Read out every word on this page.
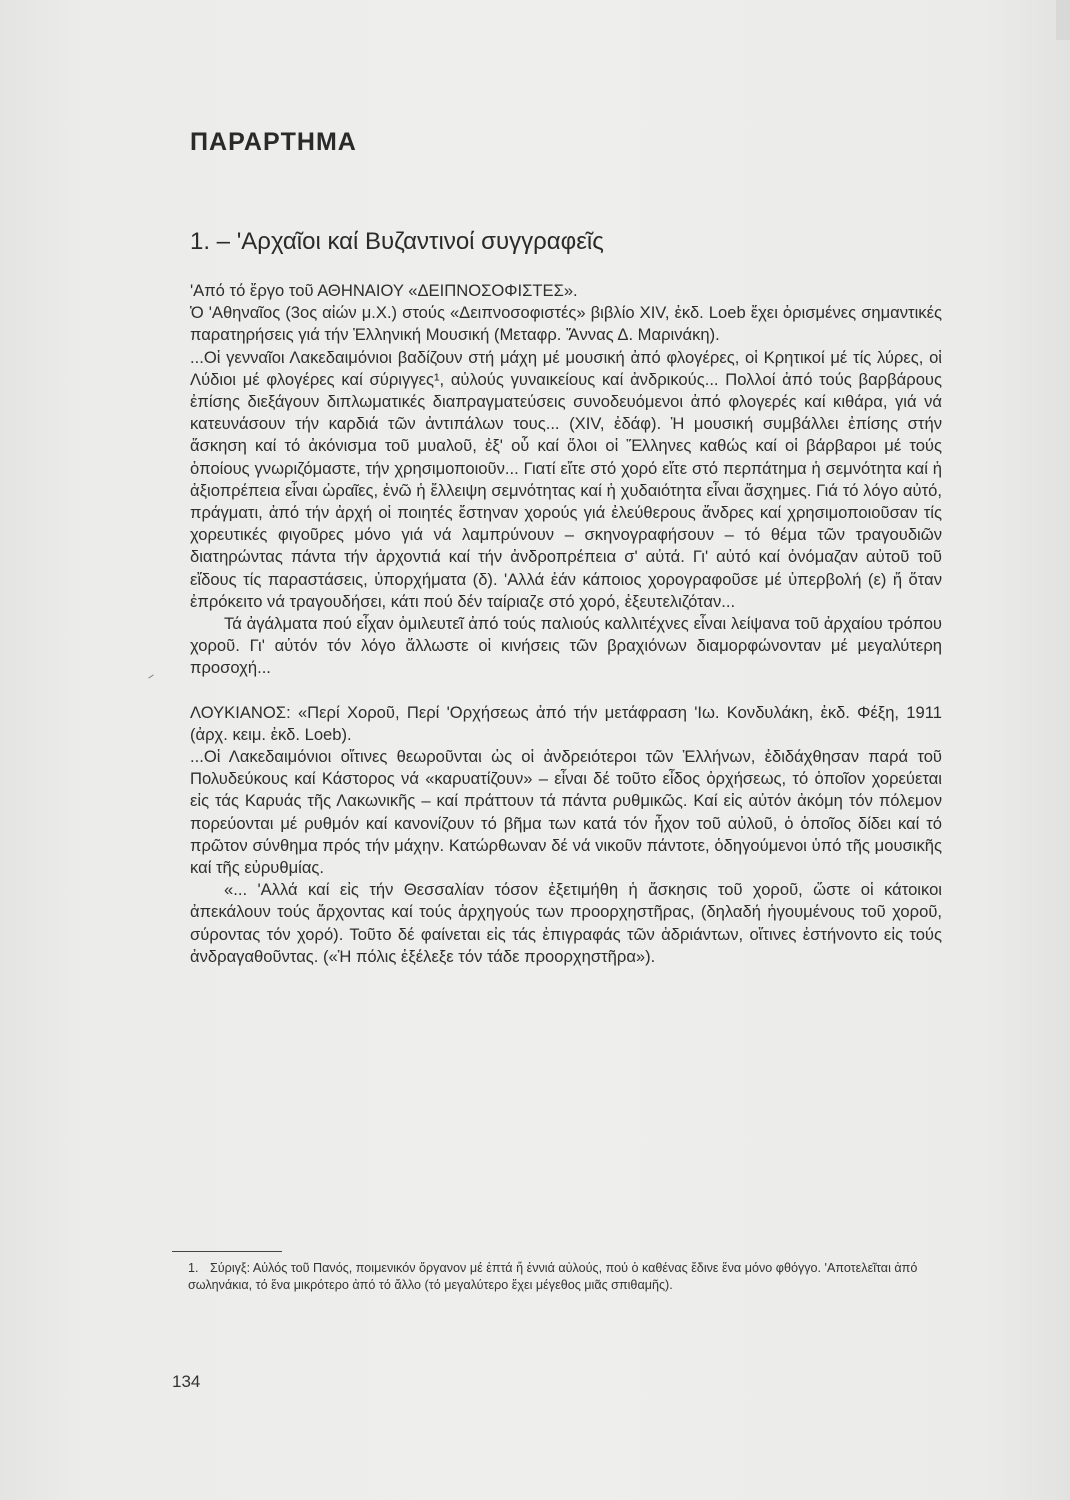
ΠΑΡΑΡΤΗΜΑ
1. – 'Αρχαῖοι καί Βυζαντινοί συγγραφεῖς

'Από τό ἔργο τοῦ ΑΘΗΝΑΙΟΥ «ΔΕΙΠΝΟΣΟΦΙΣΤΕΣ».

Ὁ 'Αθηναῖος (3ος αἰών μ.Χ.) στούς «Δειπνοσοφιστές» βιβλίο XIV, ἐκδ. Loeb ἔχει ὁρισμένες σημαντικές παρατηρήσεις γιά τήν Ἑλληνική Μουσική (Μεταφρ. Ἄννας Δ. Μαρινάκη).

...Οἱ γενναῖοι Λακεδαιμόνιοι βαδίζουν στή μάχη μέ μουσική ἀπό φλογέρες, οἱ Κρητικοί μέ τίς λύρες, οἱ Λύδιοι μέ φλογέρες καί σύριγγες¹, αὐλούς γυναικείους καί ἀνδρικούς... Πολλοί ἀπό τούς βαρβάρους ἐπίσης διεξάγουν διπλωματικές διαπραγματεύσεις συνοδευόμενοι ἀπό φλογερές καί κιθάρα, γιά νά κατευνάσουν τήν καρδιά τῶν ἀντιπάλων τους... (XIV, ἐδάφ). Ἡ μουσική συμβάλλει ἐπίσης στήν ἄσκηση καί τό ἀκόνισμα τοῦ μυαλοῦ, ἐξ' οὗ καί ὅλοι οἱ Ἕλληνες καθώς καί οἱ βάρβαροι μέ τούς ὁποίους γνωριζόμαστε, τήν χρησιμοποιοῦν... Γιατί εἴτε στό χορό εἴτε στό περπάτημα ἡ σεμνότητα καί ἡ ἀξιοπρέπεια εἶναι ὡραῖες, ἐνῶ ἡ ἔλλειψη σεμνότητας καί ἡ χυδαιότητα εἶναι ἄσχημες. Γιά τό λόγο αὐτό, πράγματι, ἀπό τήν ἀρχή οἱ ποιητές ἔστηναν χορούς γιά ἐλεύθερους ἄνδρες καί χρησιμοποιοῦσαν τίς χορευτικές φιγοῦρες μόνο γιά νά λαμπρύνουν – σκηνογραφήσουν – τό θέμα τῶν τραγουδιῶν διατηρώντας πάντα τήν ἀρχοντιά καί τήν ἀνδροπρέπεια σ' αὐτά. Γι' αὐτό καί ὀνόμαζαν αὐτοῦ τοῦ εἴδους τίς παραστάσεις, ὑπορχήματα (δ). 'Αλλά ἐάν κάποιος χορογραφοῦσε μέ ὑπερβολή (ε) ἤ ὅταν ἐπρόκειτο νά τραγουδήσει, κάτι πού δέν ταίριαζε στό χορό, ἐξευτελιζόταν...

Τά ἀγάλματα πού εἶχαν ὁμιλευτεῖ ἀπό τούς παλιούς καλλιτέχνες εἶναι λείψανα τοῦ ἀρχαίου τρόπου χοροῦ. Γι' αὐτόν τόν λόγο ἄλλωστε οἱ κινήσεις τῶν βραχιόνων διαμορφώνονταν μέ μεγαλύτερη προσοχή...

ΛΟΥΚΙΑΝΟΣ: «Περί Χοροῦ, Περί 'Ορχήσεως ἀπό τήν μετάφραση 'Ιω. Κονδυλάκη, ἐκδ. Φέξη, 1911 (ἀρχ. κειμ. ἐκδ. Loeb).

...Οἱ Λακεδαιμόνιοι οἵτινες θεωροῦνται ὡς οἱ ἀνδρειότεροι τῶν Ἑλλήνων, ἐδιδάχθησαν παρά τοῦ Πολυδεύκους καί Κάστορος νά «καρυατίζουν» – εἶναι δέ τοῦτο εἶδος ὀρχήσεως, τό ὁποῖον χορεύεται εἰς τάς Καρυάς τῆς Λακωνικῆς – καί πράττουν τά πάντα ρυθμικῶς. Καί εἰς αὐτόν ἀκόμη τόν πόλεμον πορεύονται μέ ρυθμόν καί κανονίζουν τό βῆμα των κατά τόν ἦχον τοῦ αὐλοῦ, ὁ ὁποῖος δίδει καί τό πρῶτον σύνθημα πρός τήν μάχην. Κατώρθωναν δέ νά νικοῦν πάντοτε, ὁδηγούμενοι ὑπό τῆς μουσικῆς καί τῆς εὐρυθμίας.

«... 'Αλλά καί εἰς τήν Θεσσαλίαν τόσον ἐξετιμήθη ἡ ἄσκησις τοῦ χοροῦ, ὥστε οἱ κάτοικοι ἀπεκάλουν τούς ἄρχοντας καί τούς ἀρχηγούς των προορχηστῆρας, (δηλαδή ἡγουμένους τοῦ χοροῦ, σύροντας τόν χορό). Τοῦτο δέ φαίνεται εἰς τάς ἐπιγραφάς τῶν ἀδριάντων, οἵτινες ἐστήνοντο εἰς τούς ἀνδραγαθοῦντας. («Ἡ πόλις ἐξέλεξε τόν τάδε προορχηστῆρα»).

1. Σύριγξ: Αὐλός τοῦ Πανός, ποιμενικόν ὄργανον μέ ἑπτά ἤ ἐννιά αὐλούς, πού ὁ καθένας ἔδινε ἕνα μόνο φθόγγο. 'Αποτελεῖται ἀπό σωληνάκια, τό ἕνα μικρότερο ἀπό τό ἄλλο (τό μεγαλύτερο ἔχει μέγεθος μιᾶς σπιθαμῆς).

134
